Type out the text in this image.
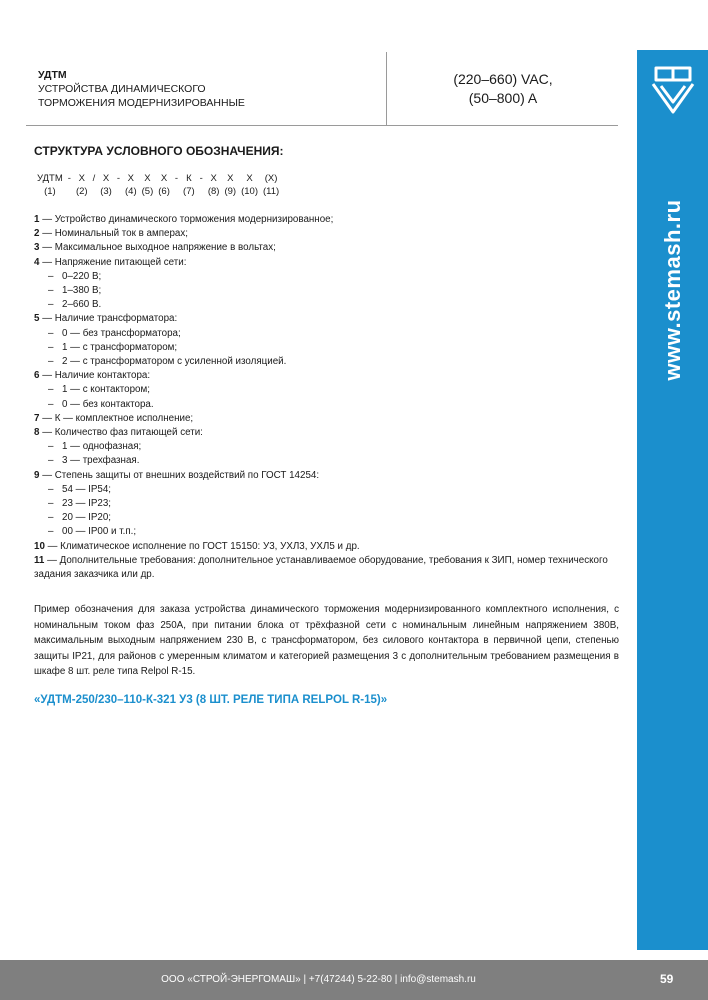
www.stemash.ru
УДТМ
УСТРОЙСТВА ДИНАМИЧЕСКОГО
ТОРМОЖЕНИЯ МОДЕРНИЗИРОВАННЫЕ
(220–660) VAC,
(50–800) A
СТРУКТУРА УСЛОВНОГО ОБОЗНАЧЕНИЯ:
УДТМ - Х / Х - Х Х Х - К - Х Х	Х	(Х)
(1)	(2) (3) (4) (5) (6) (7) (8) (9) (10) (11)
1 — Устройство динамического торможения модернизированное;
2 — Номинальный ток в амперах;
3 — Максимальное выходное напряжение в вольтах;
4 — Напряжение питающей сети:
– 0–220 В;
– 1–380 В;
– 2–660 В.
5 — Наличие трансформатора:
– 0 — без трансформатора;
– 1 — с трансформатором;
– 2 — с трансформатором с усиленной изоляцией.
6 — Наличие контактора:
– 1 — с контактором;
– 0 — без контактора.
7 — К — комплектное исполнение;
8 — Количество фаз питающей сети:
– 1 — однофазная;
– 3 — трехфазная.
9 — Степень защиты от внешних воздействий по ГОСТ 14254:
– 54 — IP54;
– 23 — IP23;
– 20 — IP20;
– 00 — IP00 и т.п.;
10 — Климатическое исполнение по ГОСТ 15150: У3, УХЛ3, УХЛ5 и др.
11 — Дополнительные требования: дополнительное устанавливаемое оборудование, требования к ЗИП, номер технического задания заказчика или др.
Пример обозначения для заказа устройства динамического торможения модернизированного комплектного исполнения, с номинальным током фаз 250А, при питании блока от трёхфазной сети с номинальным линейным напряжением 380В, максимальным выходным напряжением 230 В, с трансформатором, без силового контактора в первичной цепи, степенью защиты IP21, для районов с умеренным климатом и категорией размещения 3 с дополнительным требованием размещения в шкафе 8 шт. реле типа Relpol R-15.
«УДТМ-250/230–110-К-321 У3 (8 ШТ. РЕЛЕ ТИПА RELPOL R-15)»
ООО «СТРОЙ-ЭНЕРГОМАШ» | +7(47244) 5-22-80 | info@stemash.ru	59
